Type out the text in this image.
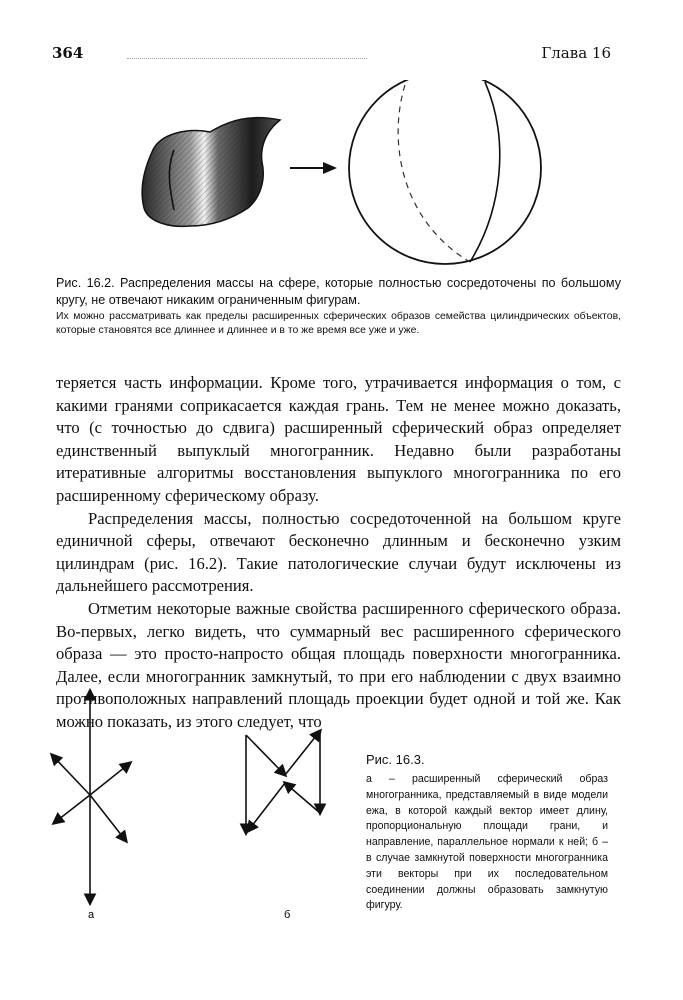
364	Глава 16
Рис. 16.2. Распределения массы на сфере, которые полностью сосредоточены по большому кругу, не отвечают никаким ограниченным фигурам.
Их можно рассматривать как пределы расширенных сферических образов семейства цилиндрических объектов, которые становятся все длиннее и длиннее и в то же время все уже и уже.

теряется часть информации. Кроме того, утрачивается информация о том, с какими гранями соприкасается каждая грань. Тем не менее можно доказать, что (с точностью до сдвига) расширенный сферический образ определяет единственный выпуклый многогранник. Недавно были разработаны итеративные алгоритмы восстановления выпуклого многогранника по его расширенному сферическому образу.

Распределения массы, полностью сосредоточенной на большом круге единичной сферы, отвечают бесконечно длинным и бесконечно узким цилиндрам (рис. 16.2). Такие патологические случаи будут исключены из дальнейшего рассмотрения.

Отметим некоторые важные свойства расширенного сферического образа. Во-первых, легко видеть, что суммарный вес расширенного сферического образа — это просто-напросто общая площадь поверхности многогранника. Далее, если многогранник замкнутый, то при его наблюдении с двух взаимно противоположных направлений площадь проекции будет одной и той же. Как можно показать, из этого следует, что

а	б
Рис. 16.3.
а – расширенный сферический образ многогранника, представляемый в виде модели ежа, в которой каждый вектор имеет длину, пропорциональную площади грани, и направление, параллельное нормали к ней; б – в случае замкнутой поверхности многогранника эти векторы при их последовательном соединении должны образовать замкнутую фигуру.
